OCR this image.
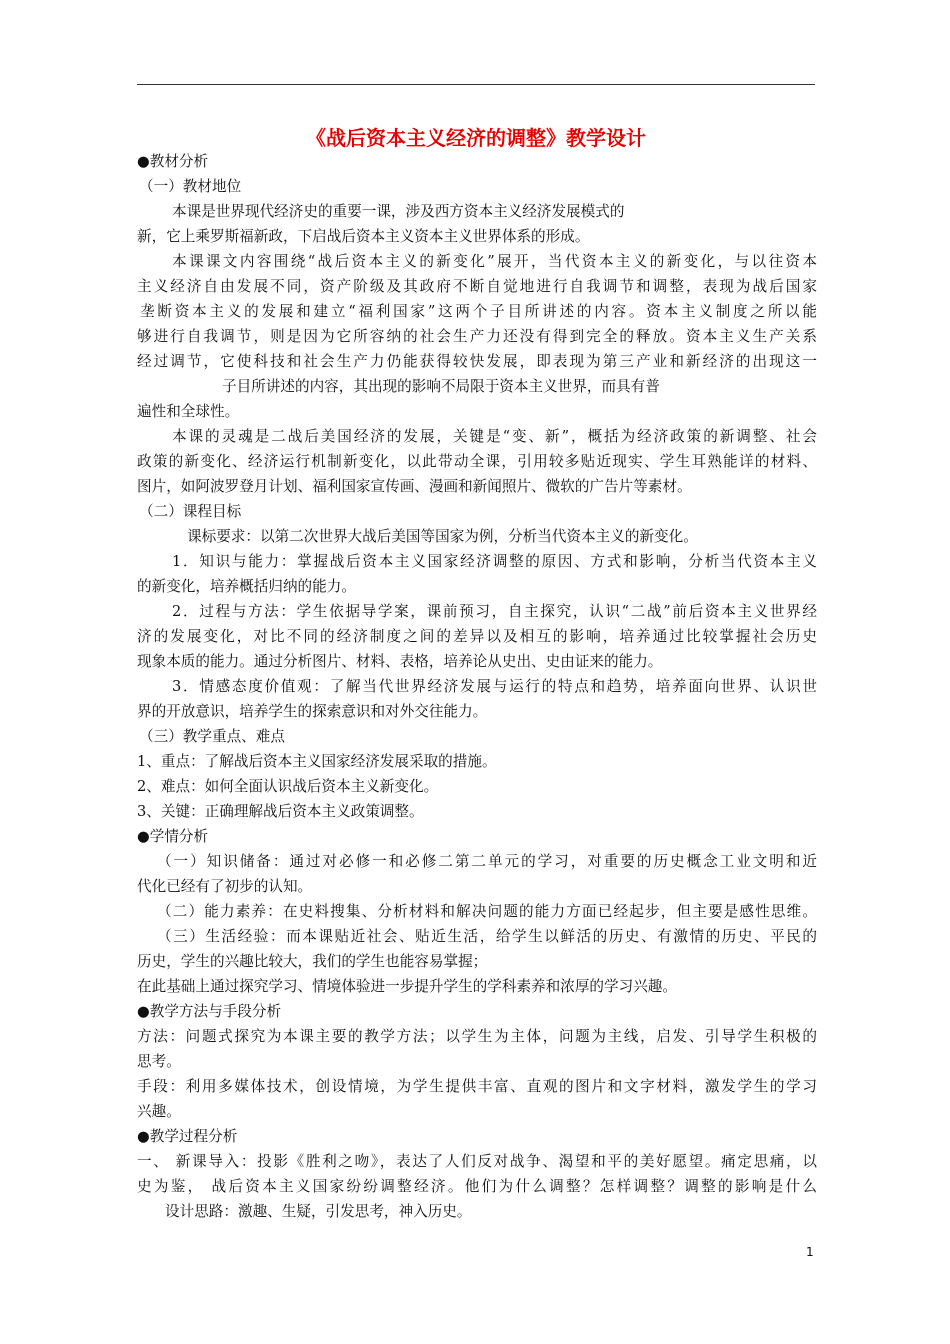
《战后资本主义经济的调整》教学设计
●教材分析
（一）教材地位
本课是世界现代经济史的重要一课，涉及西方资本主义经济发展模式的
新，它上乘罗斯福新政，下启战后资本主义资本主义世界体系的形成。
本课课文内容围绕“战后资本主义的新变化”展开，当代资本主义的新变化，与以往资本
主义经济自由发展不同，资产阶级及其政府不断自觉地进行自我调节和调整，表现为战后国家
垄断资本主义的发展和建立“福利国家”这两个子目所讲述的内容。资本主义制度之所以能
够进行自我调节，则是因为它所容纳的社会生产力还没有得到完全的释放。资本主义生产关系
经过调节，它使科技和社会生产力仍能获得较快发展，即表现为第三产业和新经济的出现这一
子目所讲述的内容，其出现的影响不局限于资本主义世界，而具有普
遍性和全球性。
本课的灵魂是二战后美国经济的发展，关键是“变、新”，概括为经济政策的新调整、社会
政策的新变化、经济运行机制新变化，以此带动全课，引用较多贴近现实、学生耳熟能详的材料、
图片，如阿波罗登月计划、福利国家宣传画、漫画和新闻照片、微软的广告片等素材。
（二）课程目标
课标要求：以第二次世界大战后美国等国家为例，分析当代资本主义的新变化。
1．知识与能力：掌握战后资本主义国家经济调整的原因、方式和影响，分析当代资本主义
的新变化，培养概括归纳的能力。
2．过程与方法：学生依据导学案，课前预习，自主探究，认识“二战”前后资本主义世界经
济的发展变化，对比不同的经济制度之间的差异以及相互的影响，培养通过比较掌握社会历史
现象本质的能力。通过分析图片、材料、表格，培养论从史出、史由证来的能力。
3．情感态度价值观：了解当代世界经济发展与运行的特点和趋势，培养面向世界、认识世
界的开放意识，培养学生的探索意识和对外交往能力。
（三）教学重点、难点
1、重点：了解战后资本主义国家经济发展采取的措施。
2、难点：如何全面认识战后资本主义新变化。
3、关键：正确理解战后资本主义政策调整。
●学情分析
（一）知识储备：通过对必修一和必修二第二单元的学习，对重要的历史概念工业文明和近
代化已经有了初步的认知。
（二）能力素养：在史料搜集、分析材料和解决问题的能力方面已经起步，但主要是感性思维。
（三）生活经验：而本课贴近社会、贴近生活，给学生以鲜活的历史、有激情的历史、平民的
历史，学生的兴趣比较大，我们的学生也能容易掌握；
在此基础上通过探究学习、情境体验进一步提升学生的学科素养和浓厚的学习兴趣。
●教学方法与手段分析
方法：问题式探究为本课主要的教学方法；以学生为主体，问题为主线，启发、引导学生积极的
思考。
手段：利用多媒体技术，创设情境，为学生提供丰富、直观的图片和文字材料，激发学生的学习
兴趣。
●教学过程分析
一、 新课导入：投影《胜利之吻》，表达了人们反对战争、渴望和平的美好愿望。痛定思痛，以
史为鉴， 战后资本主义国家纷纷调整经济。他们为什么调整？怎样调整？调整的影响是什么
设计思路：激趣、生疑，引发思考，神入历史。
1
